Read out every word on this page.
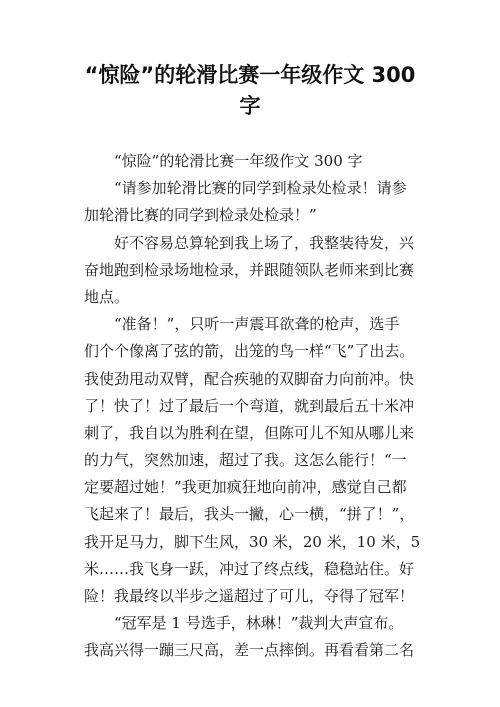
“惊险”的轮滑比赛一年级作文 300
字
“惊险”的轮滑比赛一年级作文 300 字
“请参加轮滑比赛的同学到检录处检录！请参
加轮滑比赛的同学到检录处检录！”
好不容易总算轮到我上场了，我整装待发，兴
奋地跑到检录场地检录，并跟随领队老师来到比赛
地点。
“准备！”，只听一声震耳欲聋的枪声，选手
们个个像离了弦的箭，出笼的鸟一样“飞”了出去。
我使劲甩动双臂，配合疾驰的双脚奋力向前冲。快
了！快了！过了最后一个弯道，就到最后五十米冲
刺了，我自以为胜利在望，但陈可儿不知从哪儿来
的力气，突然加速，超过了我。这怎么能行！“一
定要超过她！”我更加疯狂地向前冲，感觉自己都
飞起来了！最后，我头一撇，心一横，“拼了！”，
我开足马力，脚下生风，30 米，20 米，10 米，5
米……我飞身一跃，冲过了终点线，稳稳站住。好
险！我最终以半步之遥超过了可儿，夺得了冠军！
“冠军是 1 号选手，林琳！”裁判大声宣布。
我高兴得一蹦三尺高，差一点摔倒。再看看第二名
